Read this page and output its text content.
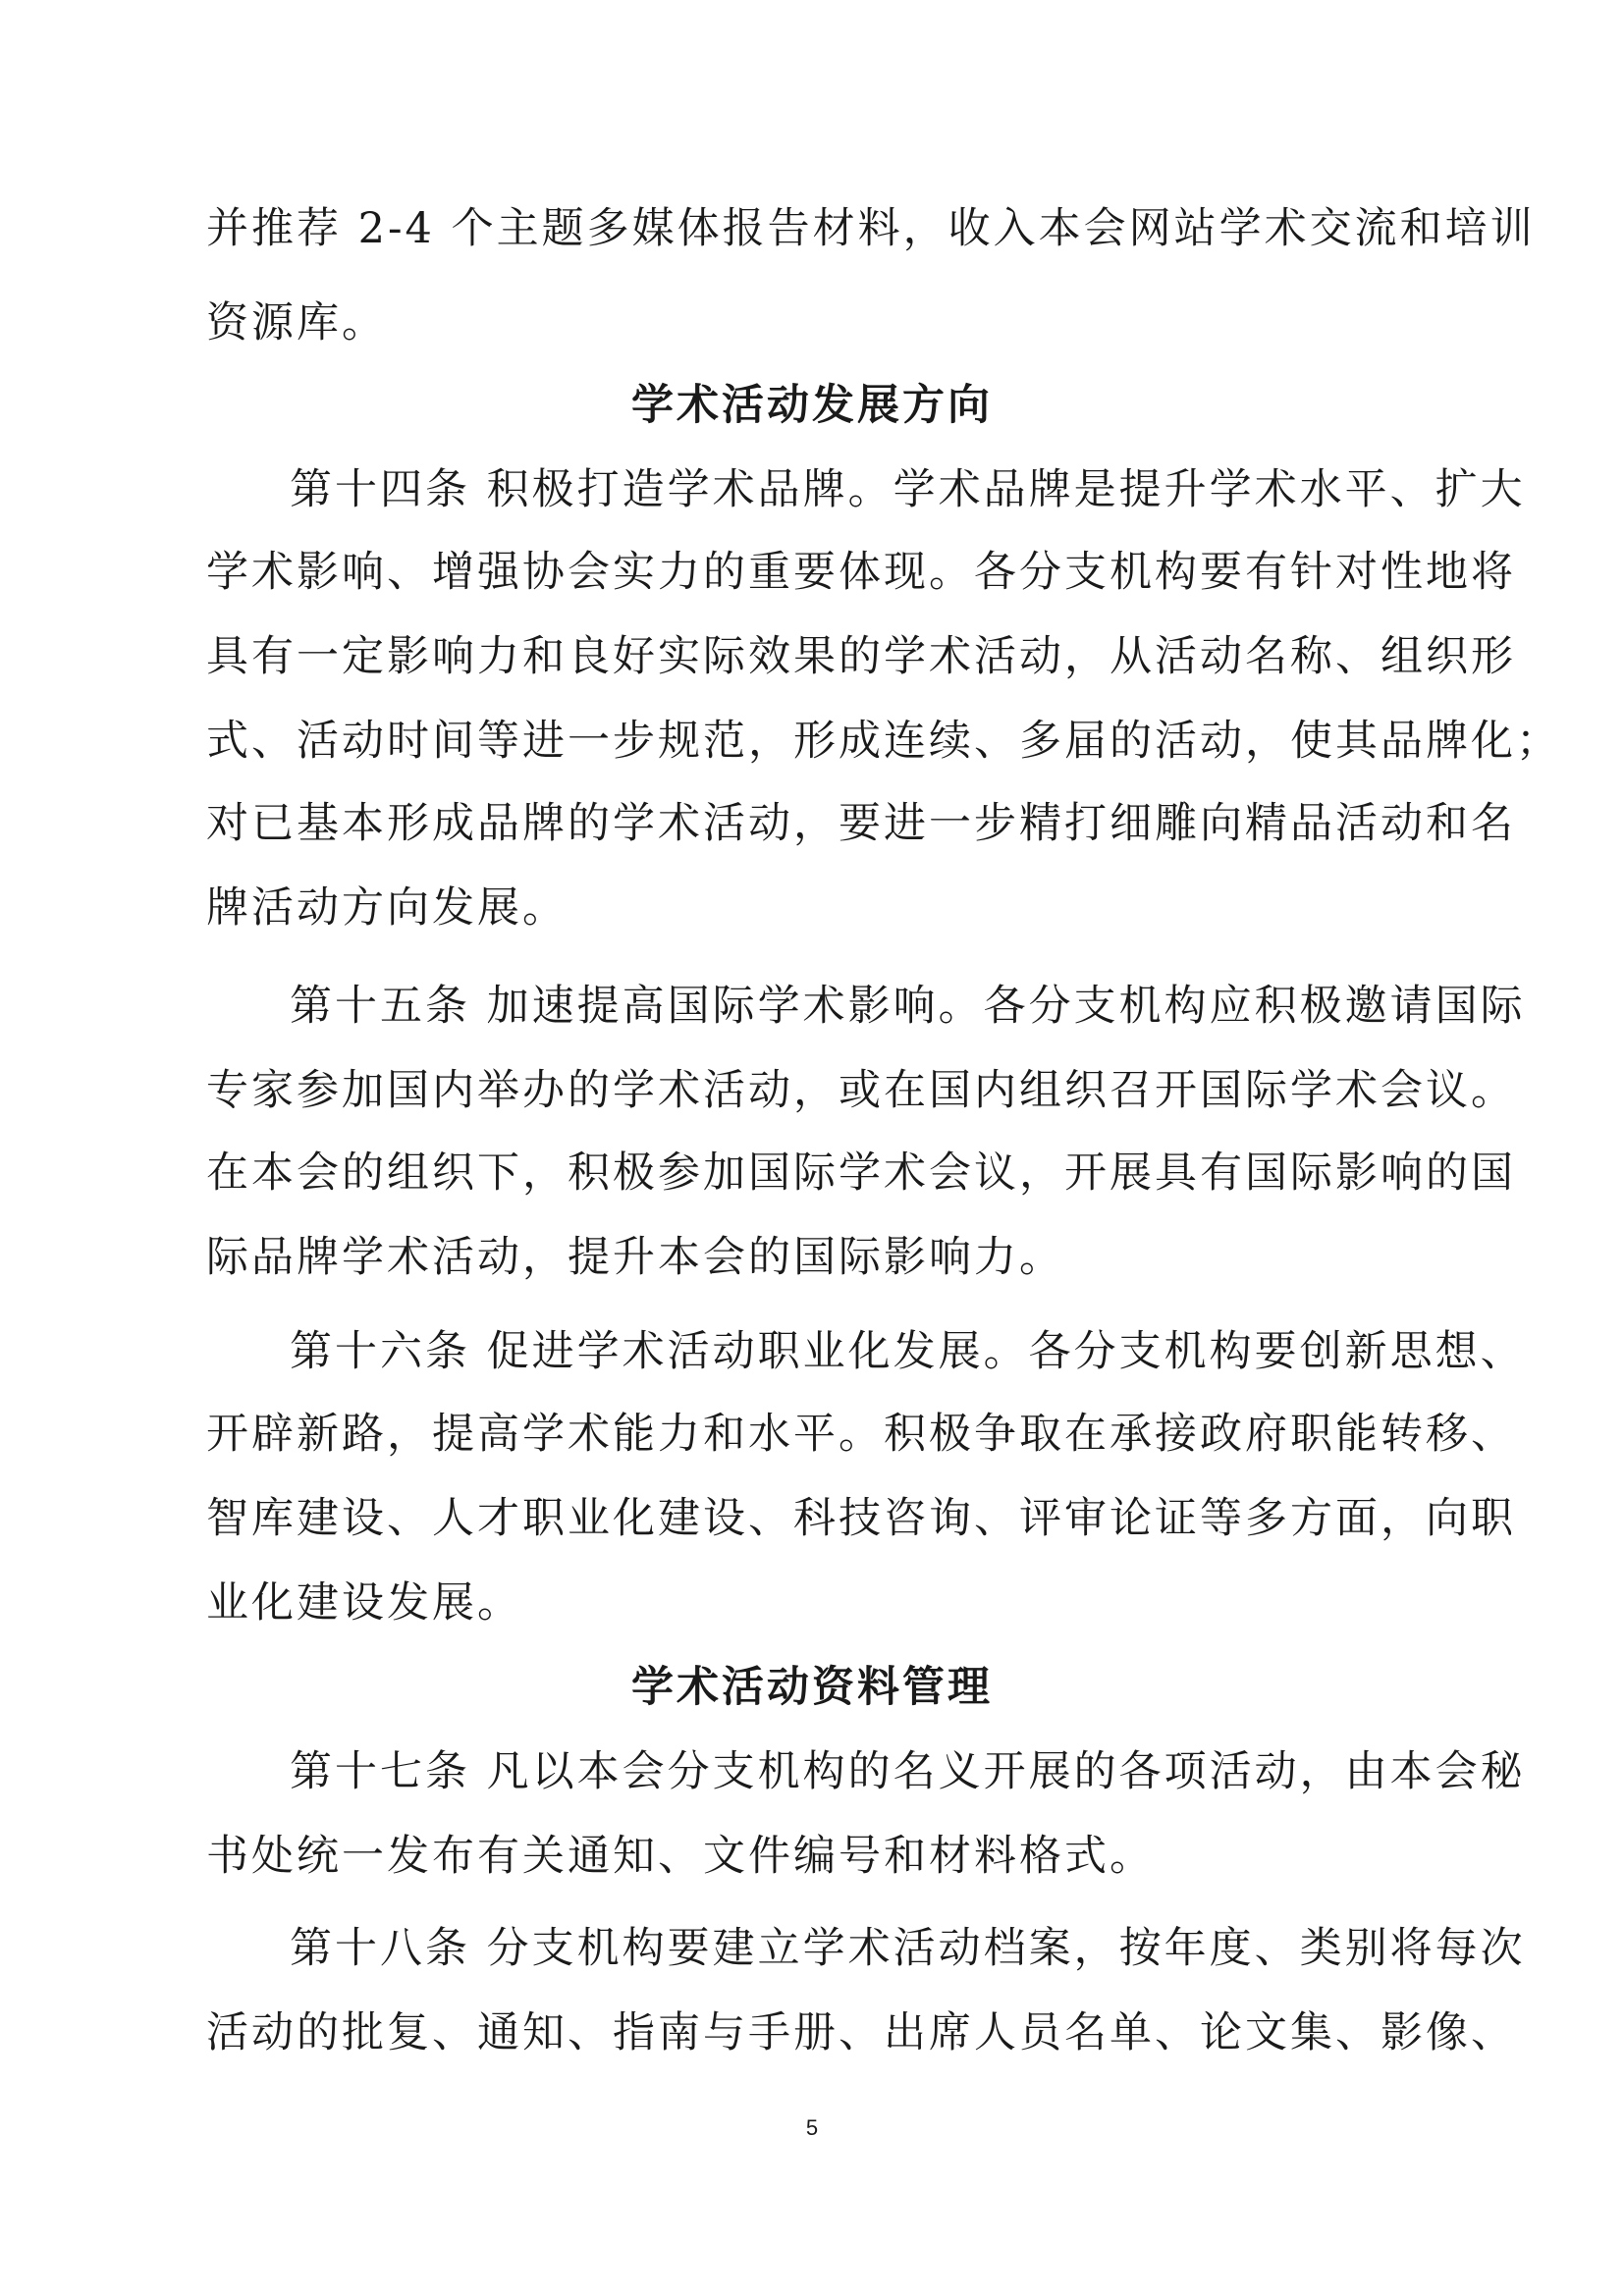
并推荐 2-4 个主题多媒体报告材料，收入本会网站学术交流和培训
资源库。
学术活动发展方向
第十四条 积极打造学术品牌。学术品牌是提升学术水平、扩大
学术影响、增强协会实力的重要体现。各分支机构要有针对性地将
具有一定影响力和良好实际效果的学术活动，从活动名称、组织形
式、活动时间等进一步规范，形成连续、多届的活动，使其品牌化；
对已基本形成品牌的学术活动，要进一步精打细雕向精品活动和名
牌活动方向发展。
第十五条 加速提高国际学术影响。各分支机构应积极邀请国际
专家参加国内举办的学术活动，或在国内组织召开国际学术会议。
在本会的组织下，积极参加国际学术会议，开展具有国际影响的国
际品牌学术活动，提升本会的国际影响力。
第十六条 促进学术活动职业化发展。各分支机构要创新思想、
开辟新路，提高学术能力和水平。积极争取在承接政府职能转移、
智库建设、人才职业化建设、科技咨询、评审论证等多方面，向职
业化建设发展。
学术活动资料管理
第十七条 凡以本会分支机构的名义开展的各项活动，由本会秘
书处统一发布有关通知、文件编号和材料格式。
第十八条 分支机构要建立学术活动档案，按年度、类别将每次
活动的批复、通知、指南与手册、出席人员名单、论文集、影像、
5
